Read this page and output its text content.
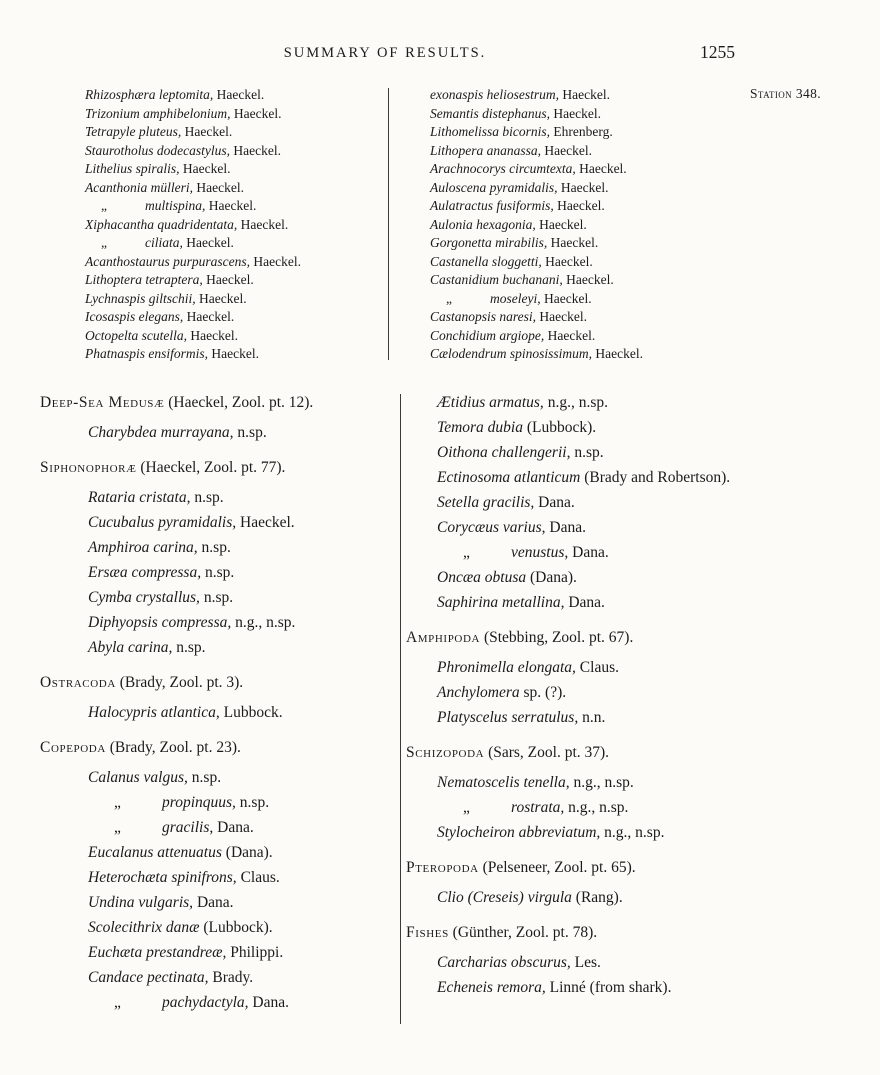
SUMMARY OF RESULTS.	1255
Station 348.
Rhizosphæra leptomita, Haeckel.
Trizonium amphibelonium, Haeckel.
Tetrapyle pluteus, Haeckel.
Staurotholus dodecastylus, Haeckel.
Lithelius spiralis, Haeckel.
Acanthonia mülleri, Haeckel.
„	multispina, Haeckel.
Xiphacantha quadridentata, Haeckel.
„	ciliata, Haeckel.
Acanthostaurus purpurascens, Haeckel.
Lithoptera tetraptera, Haeckel.
Lychnaspis giltschii, Haeckel.
Icosaspis elegans, Haeckel.
Octopelta scutella, Haeckel.
Phatnaspis ensiformis, Haeckel.
exonaspis heliosestrum, Haeckel.
Semantis distephanus, Haeckel.
Lithomelissa bicornis, Ehrenberg.
Lithopera ananassa, Haeckel.
Arachnocorys circumtexta, Haeckel.
Auloscena pyramidalis, Haeckel.
Aulatractus fusiformis, Haeckel.
Aulonia hexagonia, Haeckel.
Gorgonetta mirabilis, Haeckel.
Castanella sloggetti, Haeckel.
Castanidium buchanani, Haeckel.
„	moseleyi, Haeckel.
Castanopsis naresi, Haeckel.
Conchidium argiope, Haeckel.
Cælodendrum spinosissimum, Haeckel.
Deep-Sea Medusæ (Haeckel, Zool. pt. 12).
Charybdea murrayana, n.sp.
Siphonophoræ (Haeckel, Zool. pt. 77).
Rataria cristata, n.sp.
Cucubalus pyramidalis, Haeckel.
Amphiroa carina, n.sp.
Ersæa compressa, n.sp.
Cymba crystallus, n.sp.
Diphyopsis compressa, n.g., n.sp.
Abyla carina, n.sp.
Ostracoda (Brady, Zool. pt. 3).
Halocypris atlantica, Lubbock.
Copepoda (Brady, Zool. pt. 23).
Calanus valgus, n.sp.
„	propinquus, n.sp.
„	gracilis, Dana.
Eucalanus attenuatus (Dana).
Heterochæta spinifrons, Claus.
Undina vulgaris, Dana.
Scolecithrix danæ (Lubbock).
Euchæta prestandreæ, Philippi.
Candace pectinata, Brady.
„	pachydactyla, Dana.
Ætidius armatus, n.g., n.sp.
Temora dubia (Lubbock).
Oithona challengerii, n.sp.
Ectinosoma atlanticum (Brady and Robertson).
Setella gracilis, Dana.
Corycæus varius, Dana.
„	venustus, Dana.
Oncæa obtusa (Dana).
Saphirina metallina, Dana.
Amphipoda (Stebbing, Zool. pt. 67).
Phronimella elongata, Claus.
Anchylomera sp. (?).
Platyscelus serratulus, n.n.
Schizopoda (Sars, Zool. pt. 37).
Nematoscelis tenella, n.g., n.sp.
„	rostrata, n.g., n.sp.
Stylocheiron abbreviatum, n.g., n.sp.
Pteropoda (Pelseneer, Zool. pt. 65).
Clio (Creseis) virgula (Rang).
Fishes (Günther, Zool. pt. 78).
Carcharias obscurus, Les.
Echeneis remora, Linné (from shark).
